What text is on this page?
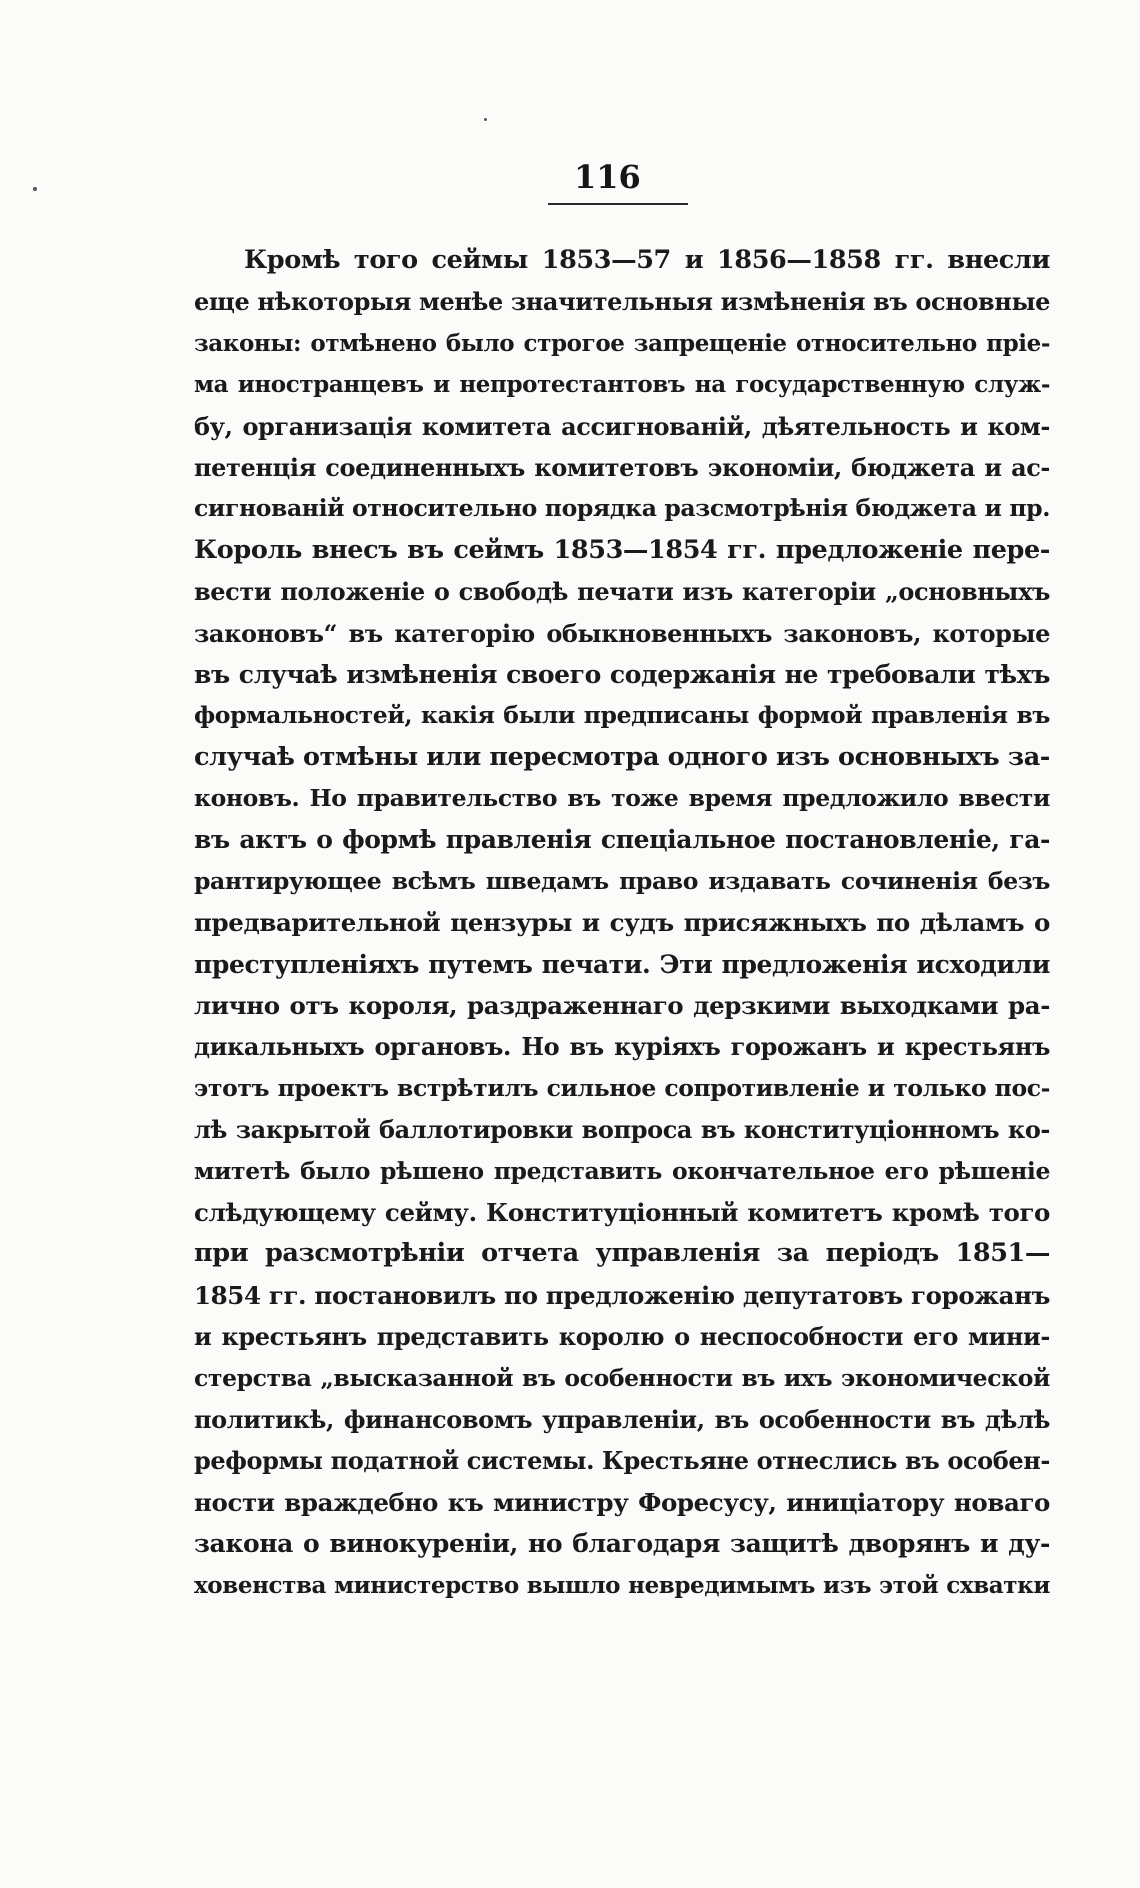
116
Кромѣ того сеймы 1853—57 и 1856—1858 гг. внесли
еще нѣкоторыя менѣе значительныя измѣненія въ основные
законы: отмѣнено было строгое запрещеніе относительно пріе-
ма иностранцевъ и непротестантовъ на государственную служ-
бу, организація комитета ассигнованій, дѣятельность и ком-
петенція соединенныхъ комитетовъ экономіи, бюджета и ас-
сигнованій относительно порядка разсмотрѣнія бюджета и пр.
Король внесъ въ сеймъ 1853—1854 гг. предложеніе пере-
вести положеніе о свободѣ печати изъ категоріи „основныхъ
законовъ“ въ категорію обыкновенныхъ законовъ, которые
въ случаѣ измѣненія своего содержанія не требовали тѣхъ
формальностей, какія были предписаны формой правленія въ
случаѣ отмѣны или пересмотра одного изъ основныхъ за-
коновъ. Но правительство въ тоже время предложило ввести
въ актъ о формѣ правленія спеціальное постановленіе, га-
рантирующее всѣмъ шведамъ право издавать сочиненія безъ
предварительной цензуры и судъ присяжныхъ по дѣламъ о
преступленіяхъ путемъ печати. Эти предложенія исходили
лично отъ короля, раздраженнаго дерзкими выходками ра-
дикальныхъ органовъ. Но въ куріяхъ горожанъ и крестьянъ
этотъ проектъ встрѣтилъ сильное сопротивленіе и только пос-
лѣ закрытой баллотировки вопроса въ конституціонномъ ко-
митетѣ было рѣшено представить окончательное его рѣшеніе
слѣдующему сейму. Конституціонный комитетъ кромѣ того
при разсмотрѣніи отчета управленія за періодъ 1851—
1854 гг. постановилъ по предложенію депутатовъ горожанъ
и крестьянъ представить королю о неспособности его мини-
стерства „высказанной въ особенности въ ихъ экономической
политикѣ, финансовомъ управленіи, въ особенности въ дѣлѣ
реформы податной системы. Крестьяне отнеслись въ особен-
ности враждебно къ министру Форесусу, иниціатору новаго
закона о винокуреніи, но благодаря защитѣ дворянъ и ду-
ховенства министерство вышло невредимымъ изъ этой схватки
